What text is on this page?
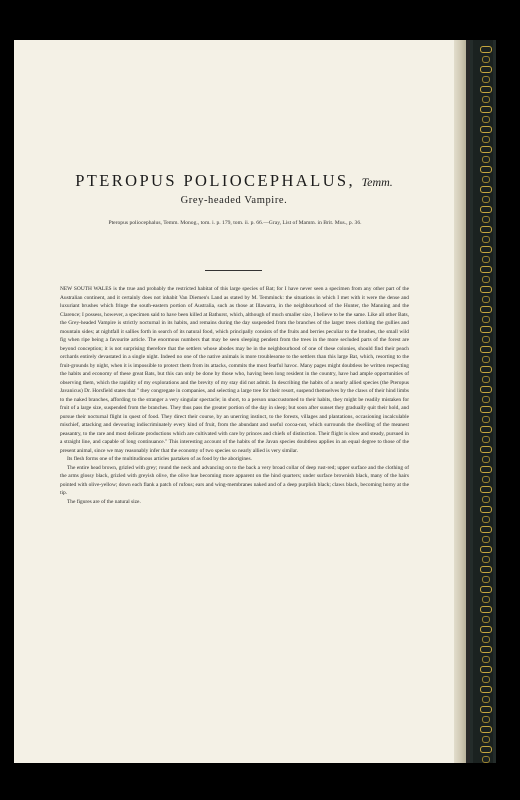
PTEROPUS POLIOCEPHALUS, Temm.
Grey-headed Vampire.
Pteropus poliocephalus, Temm. Monog., tom. i. p. 179, tom. ii. p. 66.—Gray, List of Mamm. in Brit. Mus., p. 36.

NEW SOUTH WALES is the true and probably the restricted habitat of this large species of Bat; for I have never seen a specimen from any other part of the Australian continent, and it certainly does not inhabit Van Diemen's Land as stated by M. Temminck: the situations in which I met with it were the dense and luxuriant brushes which fringe the south-eastern portion of Australia, such as those at Illawarra, in the neighbourhood of the Hunter, the Manning and the Clarence; I possess, however, a specimen said to have been killed at Bathurst, which, although of much smaller size, I believe to be the same. Like all other Bats, the Grey-headed Vampire is strictly nocturnal in its habits, and remains during the day suspended from the branches of the larger trees clothing the gullies and mountain sides; at nightfall it sallies forth in search of its natural food, which principally consists of the fruits and berries peculiar to the brushes, the small wild fig when ripe being a favourite article. The enormous numbers that may be seen sleeping pendent from the trees in the more secluded parts of the forest are beyond conception; it is not surprising therefore that the settlers whose abodes may be in the neighbourhood of one of these colonies, should find their peach orchards entirely devastated in a single night. Indeed no one of the native animals is more troublesome to the settlers than this large Bat, which, resorting to the fruit-grounds by night, when it is impossible to protect them from its attacks, commits the most fearful havoc. Many pages might doubtless be written respecting the habits and economy of these great Bats, but this can only be done by those who, having been long resident in the country, have had ample opportunities of observing them, which the rapidity of my explorations and the brevity of my stay did not admit. In describing the habits of a nearly allied species (the Pteropus Javanicus) Dr. Horsfield states that " they congregate in companies, and selecting a large tree for their resort, suspend themselves by the claws of their hind limbs to the naked branches, affording to the stranger a very singular spectacle; in short, to a person unaccustomed to their habits, they might be readily mistaken for fruit of a large size, suspended from the branches. They thus pass the greater portion of the day in sleep; but soon after sunset they gradually quit their hold, and pursue their nocturnal flight in quest of food. They direct their course, by an unerring instinct, to the forests, villages and plantations, occasioning incalculable mischief, attacking and devouring indiscriminately every kind of fruit, from the abundant and useful cocoa-nut, which surrounds the dwelling of the meanest peasantry, to the rare and most delicate productions which are cultivated with care by princes and chiefs of distinction. Their flight is slow and steady, pursued in a straight line, and capable of long continuance." This interesting account of the habits of the Javan species doubtless applies in an equal degree to those of the present animal, since we may reasonably infer that the economy of two species so nearly allied is very similar.

Its flesh forms one of the multitudinous articles partaken of as food by the aborigines.

The entire head brown, grizled with grey; round the neck and advancing on to the back a very broad collar of deep rust-red; upper surface and the clothing of the arms glossy black, grizled with greyish olive, the olive hue becoming more apparent on the hind quarters; under surface brownish black, many of the hairs pointed with olive-yellow; down each flank a patch of rufous; ears and wing-membranes naked and of a deep purplish black; claws black, becoming horny at the tip.

The figures are of the natural size.
